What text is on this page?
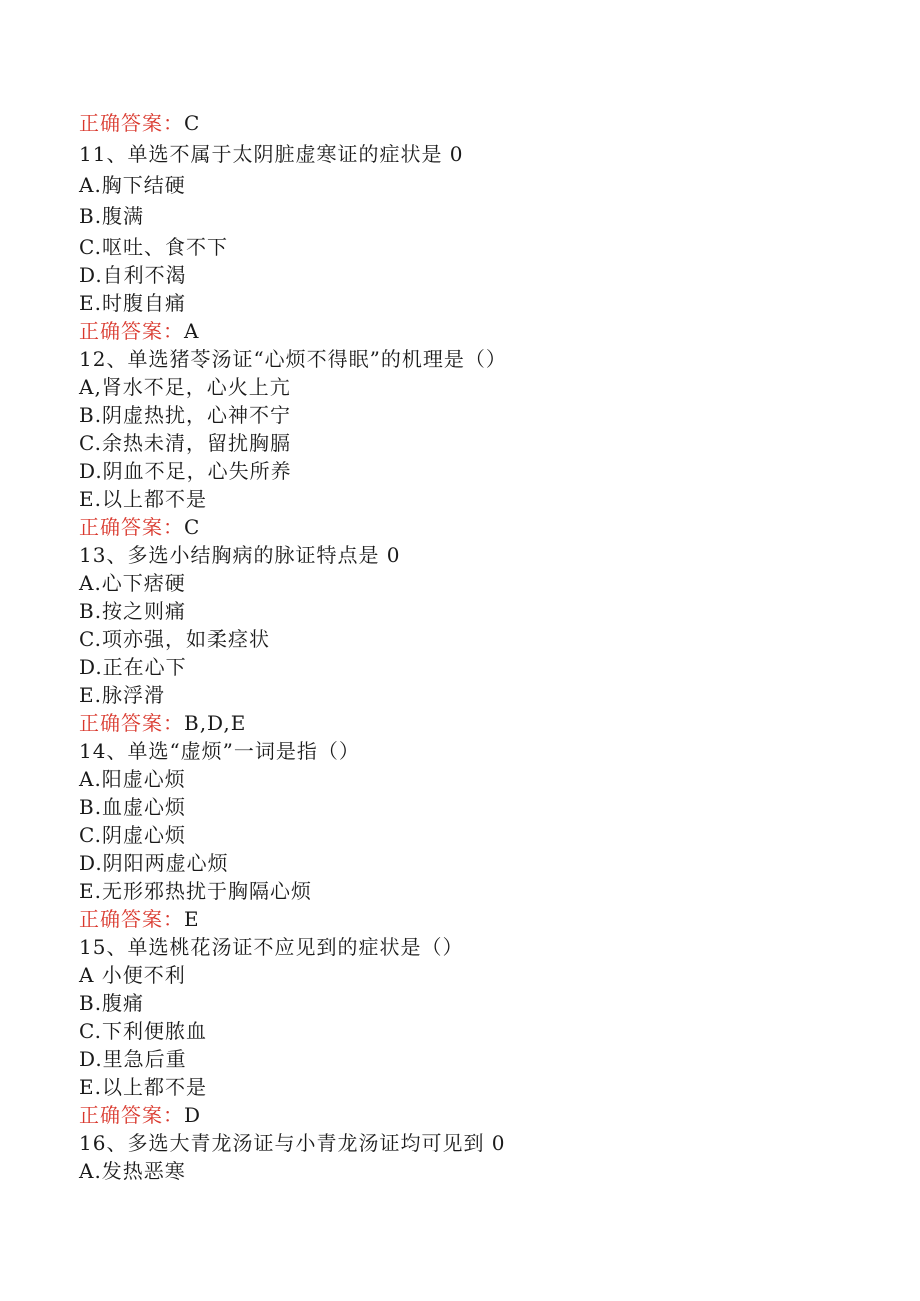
正确答案：C

11、单选不属于太阴脏虚寒证的症状是 0

A.胸下结硬

B.腹满

C.呕吐、食不下

D.自利不渴

E.时腹自痛

正确答案：A

12、单选猪苓汤证“心烦不得眠”的机理是（）

A,肾水不足，心火上亢

B.阴虚热扰，心神不宁

C.余热未清，留扰胸膈

D.阴血不足，心失所养

E.以上都不是

正确答案：C

13、多选小结胸病的脉证特点是 0

A.心下痞硬

B.按之则痛

C.项亦强，如柔痉状

D.正在心下

E.脉浮滑

正确答案：B,D,E

14、单选“虚烦”一词是指（）

A.阳虚心烦

B.血虚心烦

C.阴虚心烦

D.阴阳两虚心烦

E.无形邪热扰于胸隔心烦

正确答案：E

15、单选桃花汤证不应见到的症状是（）

A 小便不利

B.腹痛

C.下利便脓血

D.里急后重

E.以上都不是

正确答案：D

16、多选大青龙汤证与小青龙汤证均可见到 0

A.发热恶寒
